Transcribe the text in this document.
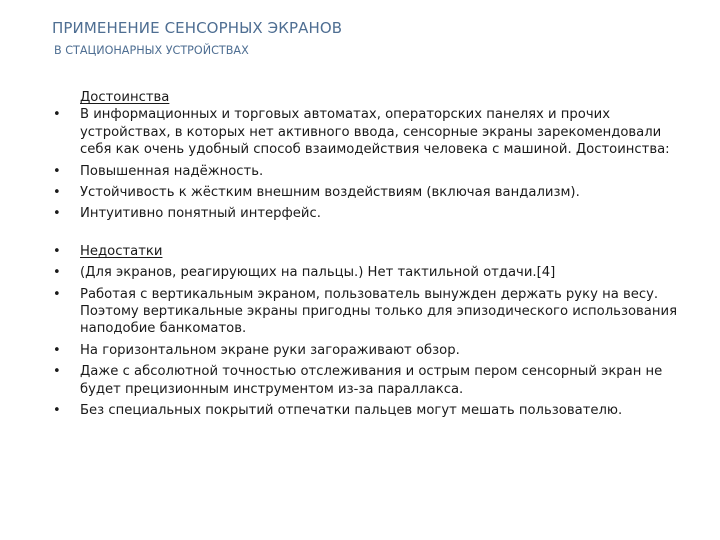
ПРИМЕНЕНИЕ СЕНСОРНЫХ ЭКРАНОВ
В СТАЦИОНАРНЫХ УСТРОЙСТВАХ
Достоинства
• В информационных и торговых автоматах, операторских панелях и прочих устройствах, в которых нет активного ввода, сенсорные экраны зарекомендовали себя как очень удобный способ взаимодействия человека с машиной. Достоинства:
• Повышенная надёжность.
• Устойчивость к жёстким внешним воздействиям (включая вандализм).
• Интуитивно понятный интерфейс.
• Недостатки
• (Для экранов, реагирующих на пальцы.) Нет тактильной отдачи.[4]
• Работая с вертикальным экраном, пользователь вынужден держать руку на весу. Поэтому вертикальные экраны пригодны только для эпизодического использования наподобие банкоматов.
• На горизонтальном экране руки загораживают обзор.
• Даже с абсолютной точностью отслеживания и острым пером сенсорный экран не будет прецизионным инструментом из-за параллакса.
• Без специальных покрытий отпечатки пальцев могут мешать пользователю.
